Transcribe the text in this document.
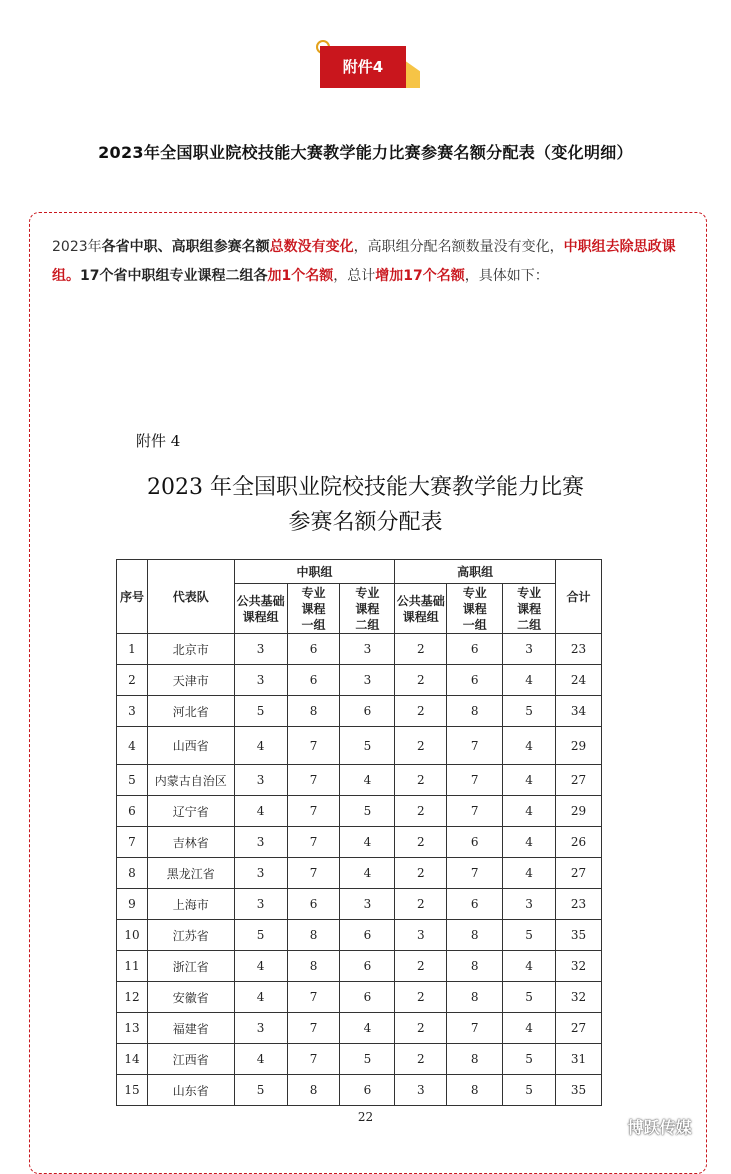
附件4
2023年全国职业院校技能大赛教学能力比赛参赛名额分配表（变化明细）
2023年各省中职、高职组参赛名额总数没有变化，高职组分配名额数量没有变化，中职组去除思政课组。17个省中职组专业课程二组各加1个名额，总计增加17个名额，具体如下：
附件 4
2023 年全国职业院校技能大赛教学能力比赛
参赛名额分配表
序号	代表队	中职组			高职组			合计
		公共基础课程组	专业课程一组	专业课程二组	公共基础课程组	专业课程一组	专业课程二组	
1	北京市	3	6	3	2	6	3	23
2	天津市	3	6	3	2	6	4	24
3	河北省	5	8	6	2	8	5	34
4	山西省	4	7	5	2	7	4	29
5	内蒙古自治区	3	7	4	2	7	4	27
6	辽宁省	4	7	5	2	7	4	29
7	吉林省	3	7	4	2	6	4	26
8	黑龙江省	3	7	4	2	7	4	27
9	上海市	3	6	3	2	6	3	23
10	江苏省	5	8	6	3	8	5	35
11	浙江省	4	8	6	2	8	4	32
12	安徽省	4	7	6	2	8	5	32
13	福建省	3	7	4	2	7	4	27
14	江西省	4	7	5	2	8	5	31
15	山东省	5	8	6	3	8	5	35
22
博跃传媒
